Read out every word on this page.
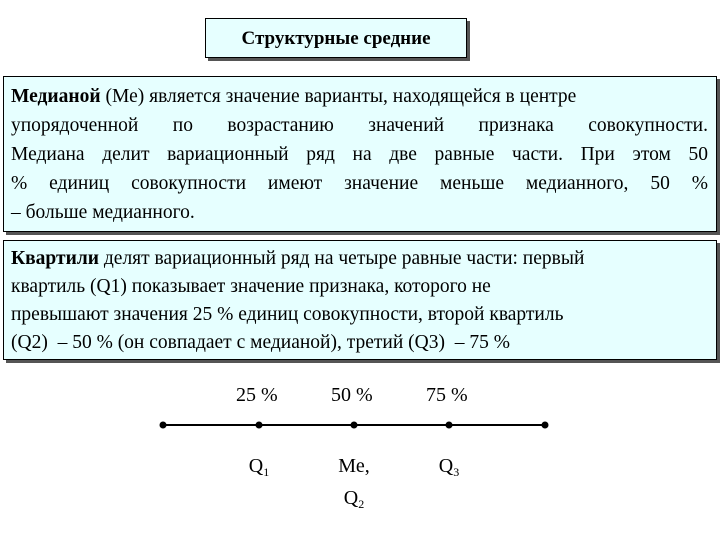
Структурные средние
Медианой (Ме) является значение варианты, находящейся в центре
упорядоченной по возрастанию значений признака совокупности.
Медиана делит вариационный ряд на две равные части. При этом 50
% единиц совокупности имеют значение меньше медианного, 50 %
– больше медианного.
Квартили делят вариационный ряд на четыре равные части: первый
квартиль (Q1) показывает значение признака, которого не
превышают значения 25 % единиц совокупности, второй квартиль
(Q2)  – 50 % (он совпадает с медианой), третий (Q3)  – 75 %
25 %	50 %	75 %
$Q_1$	Ме,
$Q_2$
$Q_3$
